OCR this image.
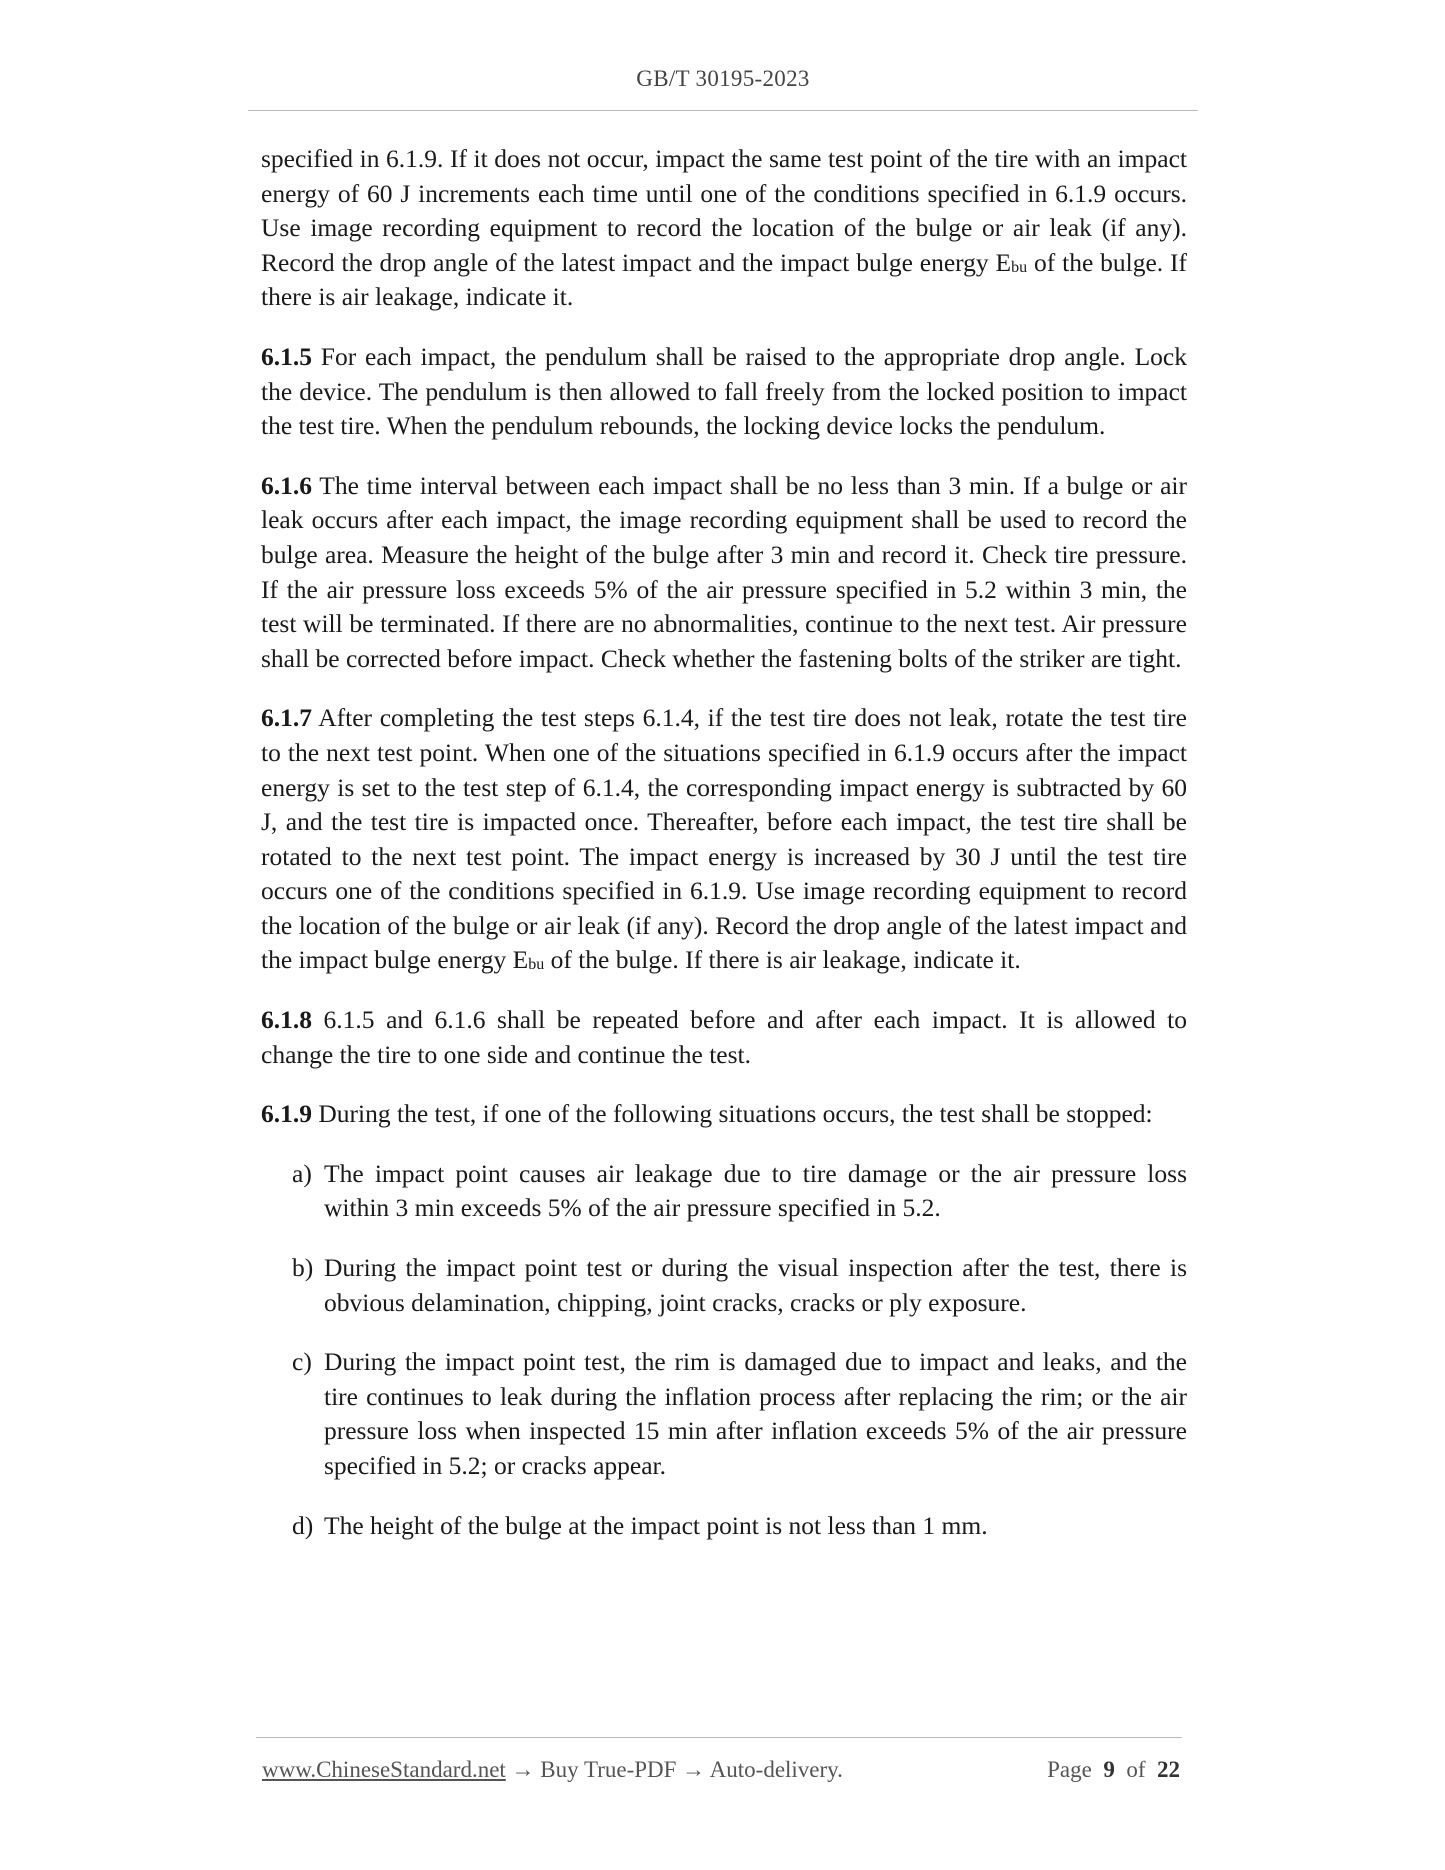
GB/T 30195-2023

specified in 6.1.9. If it does not occur, impact the same test point of the tire with an impact energy of 60 J increments each time until one of the conditions specified in 6.1.9 occurs. Use image recording equipment to record the location of the bulge or air leak (if any). Record the drop angle of the latest impact and the impact bulge energy $E_{bu}$ of the bulge. If there is air leakage, indicate it.

6.1.5 For each impact, the pendulum shall be raised to the appropriate drop angle. Lock the device. The pendulum is then allowed to fall freely from the locked position to impact the test tire. When the pendulum rebounds, the locking device locks the pendulum.

6.1.6 The time interval between each impact shall be no less than 3 min. If a bulge or air leak occurs after each impact, the image recording equipment shall be used to record the bulge area. Measure the height of the bulge after 3 min and record it. Check tire pressure. If the air pressure loss exceeds 5% of the air pressure specified in 5.2 within 3 min, the test will be terminated. If there are no abnormalities, continue to the next test. Air pressure shall be corrected before impact. Check whether the fastening bolts of the striker are tight.

6.1.7 After completing the test steps 6.1.4, if the test tire does not leak, rotate the test tire to the next test point. When one of the situations specified in 6.1.9 occurs after the impact energy is set to the test step of 6.1.4, the corresponding impact energy is subtracted by 60 J, and the test tire is impacted once. Thereafter, before each impact, the test tire shall be rotated to the next test point. The impact energy is increased by 30 J until the test tire occurs one of the conditions specified in 6.1.9. Use image recording equipment to record the location of the bulge or air leak (if any). Record the drop angle of the latest impact and the impact bulge energy $E_{bu}$ of the bulge. If there is air leakage, indicate it.

6.1.8 6.1.5 and 6.1.6 shall be repeated before and after each impact. It is allowed to change the tire to one side and continue the test.

6.1.9 During the test, if one of the following situations occurs, the test shall be stopped:

a) The impact point causes air leakage due to tire damage or the air pressure loss within 3 min exceeds 5% of the air pressure specified in 5.2.

b) During the impact point test or during the visual inspection after the test, there is obvious delamination, chipping, joint cracks, cracks or ply exposure.

c) During the impact point test, the rim is damaged due to impact and leaks, and the tire continues to leak during the inflation process after replacing the rim; or the air pressure loss when inspected 15 min after inflation exceeds 5% of the air pressure specified in 5.2; or cracks appear.

d) The height of the bulge at the impact point is not less than 1 mm.

www.ChineseStandard.net → Buy True-PDF → Auto-delivery.	Page 9 of 22
